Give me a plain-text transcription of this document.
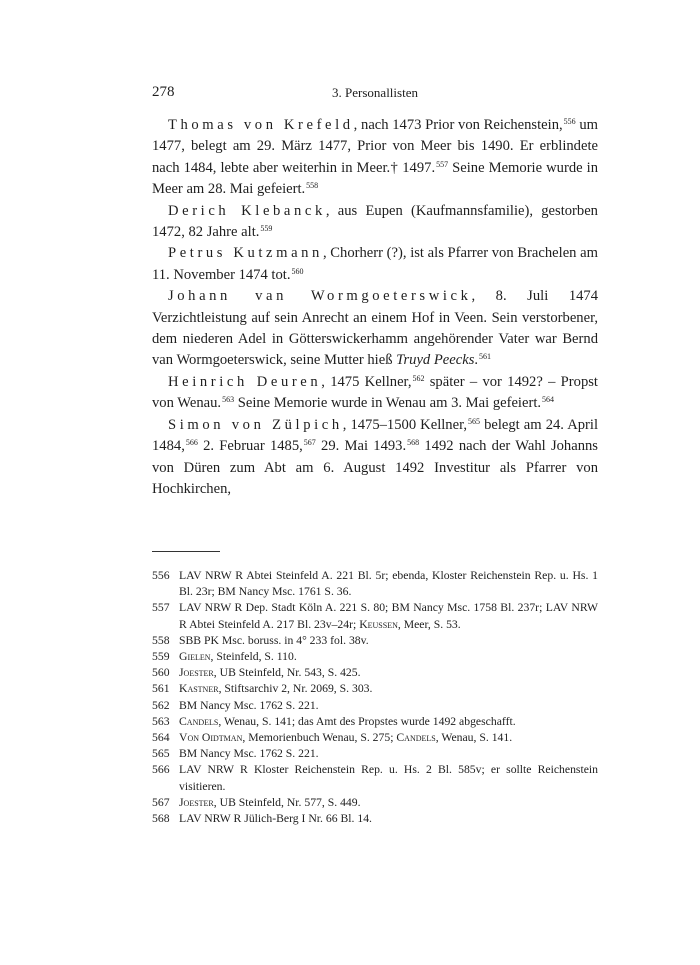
278	3. Personallisten

Thomas von Krefeld, nach 1473 Prior von Reichenstein,$^{556}$ um 1477, belegt am 29. März 1477, Prior von Meer bis 1490. Er erblindete nach 1484, lebte aber weiterhin in Meer.† 1497.$^{557}$ Seine Memorie wurde in Meer am 28. Mai gefeiert.$^{558}$

Derich Klebanck, aus Eupen (Kaufmannsfamilie), gestorben 1472, 82 Jahre alt.$^{559}$

Petrus Kutzmann, Chorherr (?), ist als Pfarrer von Brachelen am 11. November 1474 tot.$^{560}$

Johann van Wormgoeterswick, 8. Juli 1474 Verzichtleistung auf sein Anrecht an einem Hof in Veen. Sein verstorbener, dem niederen Adel in Götterswickerhamm angehörender Vater war Bernd van Wormgoeterswick, seine Mutter hieß Truyd Peecks.$^{561}$

Heinrich Deuren, 1475 Kellner,$^{562}$ später – vor 1492? – Propst von Wenau.$^{563}$ Seine Memorie wurde in Wenau am 3. Mai gefeiert.$^{564}$

Simon von Zülpich, 1475–1500 Kellner,$^{565}$ belegt am 24. April 1484,$^{566}$ 2. Februar 1485,$^{567}$ 29. Mai 1493.$^{568}$ 1492 nach der Wahl Johanns von Düren zum Abt am 6. August 1492 Investitur als Pfarrer von Hochkirchen,

556 LAV NRW R Abtei Steinfeld A. 221 Bl. 5r; ebenda, Kloster Reichenstein Rep. u. Hs. 1 Bl. 23r; BM Nancy Msc. 1761 S. 36.
557 LAV NRW R Dep. Stadt Köln A. 221 S. 80; BM Nancy Msc. 1758 Bl. 237r; LAV NRW R Abtei Steinfeld A. 217 Bl. 23v–24r; Keussen, Meer, S. 53.
558 SBB PK Msc. boruss. in 4° 233 fol. 38v.
559 Gielen, Steinfeld, S. 110.
560 Joester, UB Steinfeld, Nr. 543, S. 425.
561 Kastner, Stiftsarchiv 2, Nr. 2069, S. 303.
562 BM Nancy Msc. 1762 S. 221.
563 Candels, Wenau, S. 141; das Amt des Propstes wurde 1492 abgeschafft.
564 Von Oidtman, Memorienbuch Wenau, S. 275; Candels, Wenau, S. 141.
565 BM Nancy Msc. 1762 S. 221.
566 LAV NRW R Kloster Reichenstein Rep. u. Hs. 2 Bl. 585v; er sollte Reichenstein visitieren.
567 Joester, UB Steinfeld, Nr. 577, S. 449.
568 LAV NRW R Jülich-Berg I Nr. 66 Bl. 14.
